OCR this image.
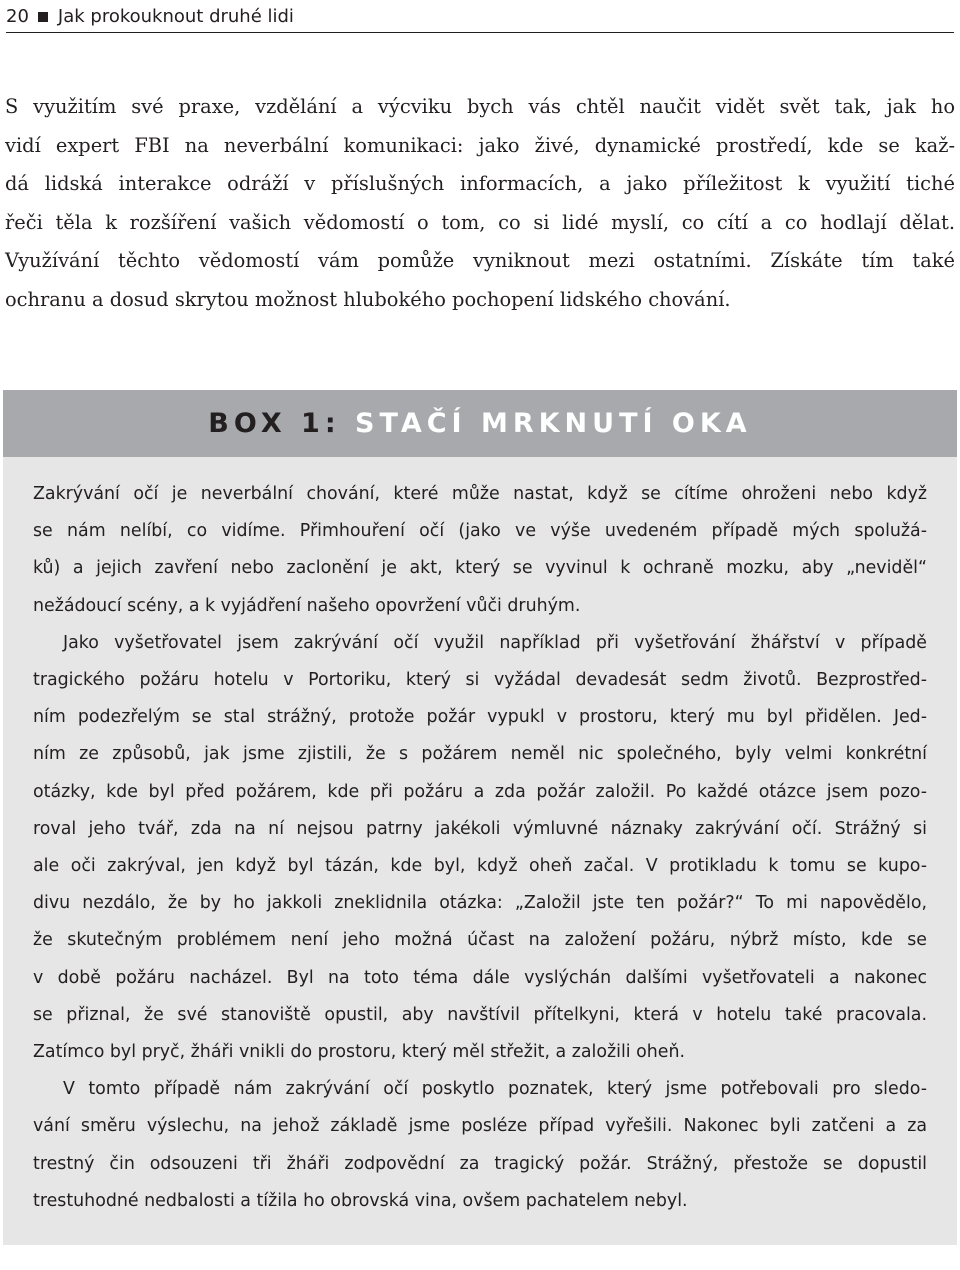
20 Jak prokouknout druhé lidi

S využitím své praxe, vzdělání a výcviku bych vás chtěl naučit vidět svět tak, jak ho
vidí expert FBI na neverbální komunikaci: jako živé, dynamické prostředí, kde se kaž-
dá lidská interakce odráží v příslušných informacích, a jako příležitost k využití tiché
řeči těla k rozšíření vašich vědomostí o tom, co si lidé myslí, co cítí a co hodlají dělat.
Využívání těchto vědomostí vám pomůže vyniknout mezi ostatními. Získáte tím také
ochranu a dosud skrytou možnost hlubokého pochopení lidského chování.

BOX 1:
STAČÍ MRKNUTÍ OKA

Zakrývání očí je neverbální chování, které může nastat, když se cítíme ohroženi nebo když
se nám nelíbí, co vidíme. Přimhouření očí (jako ve výše uvedeném případě mých spolužá-
ků) a jejich zavření nebo zaclonění je akt, který se vyvinul k ochraně mozku, aby „neviděl“
nežádoucí scény, a k vyjádření našeho opovržení vůči druhým.

Jako vyšetřovatel jsem zakrývání očí využil například při vyšetřování žhářství v případě
tragického požáru hotelu v Portoriku, který si vyžádal devadesát sedm životů. Bezprostřed-
ním podezřelým se stal strážný, protože požár vypukl v prostoru, který mu byl přidělen. Jed-
ním ze způsobů, jak jsme zjistili, že s požárem neměl nic společného, byly velmi konkrétní
otázky, kde byl před požárem, kde při požáru a zda požár založil. Po každé otázce jsem pozo-
roval jeho tvář, zda na ní nejsou patrny jakékoli výmluvné náznaky zakrývání očí. Strážný si
ale oči zakrýval, jen když byl tázán, kde byl, když oheň začal. V protikladu k tomu se kupo-
divu nezdálo, že by ho jakkoli zneklidnila otázka: „Založil jste ten požár?“ To mi napovědělo,
že skutečným problémem není jeho možná účast na založení požáru, nýbrž místo, kde se
v době požáru nacházel. Byl na toto téma dále vyslýchán dalšími vyšetřovateli a nakonec
se přiznal, že své stanoviště opustil, aby navštívil přítelkyni, která v hotelu také pracovala.
Zatímco byl pryč, žháři vnikli do prostoru, který měl střežit, a založili oheň.

V tomto případě nám zakrývání očí poskytlo poznatek, který jsme potřebovali pro sledo-
vání směru výslechu, na jehož základě jsme posléze případ vyřešili. Nakonec byli zatčeni a za
trestný čin odsouzeni tři žháři zodpovědní za tragický požár. Strážný, přestože se dopustil
trestuhodné nedbalosti a tížila ho obrovská vina, ovšem pachatelem nebyl.
